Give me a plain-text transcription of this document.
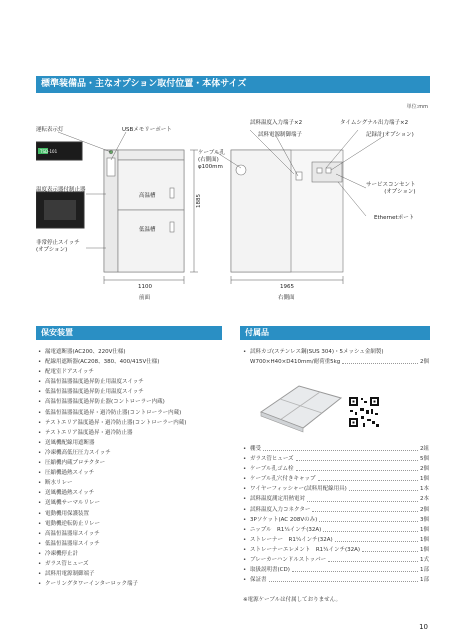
標準装備品・主なオプション取付位置・本体サイズ
単位:mm
運転表示灯	USBメモリーポート
TSD-101
温度表示器付制止器
高温槽
低温槽
非常停止スイッチ
(オプション)
ケーブル孔
(右側面)
φ100mm
1885
1100
前面
試料温度入力端子×2
試料電源制御端子
タイムシグナル出力端子×2
記録計(オプション)
サービスコンセント
(オプション)
Ethernetポート
1965
右側面
保安装置
• 漏電遮断器(AC200、220V仕様)
• 配線用遮断器(AC208、380、400/415V仕様)
• 配電室ドアスイッチ
• 高温恒温器温度過昇防止用温度スイッチ
• 低温恒温器温度過昇防止用温度スイッチ
• 高温恒温器温度過昇防止器(コントローラー内蔵)
• 低温恒温器温度過昇・過冷防止器(コントローラー内蔵)
• テストエリア温度過昇・過冷防止器(コントローラー内蔵)
• テストエリア温度過昇・過冷防止器
• 送風機配線用遮断器
• 冷凍機高低圧圧力スイッチ
• 圧縮機内蔵プロテクター
• 圧縮機過熱スイッチ
• 断水リレー
• 送風機過熱スイッチ
• 送風機サーマルリレー
• 電動機用保護装置
• 電動機逆転防止リレー
• 高温恒温器扉スイッチ
• 低温恒温器扉スイッチ
• 冷凍機停止計
• ガラス管ヒューズ
• 試料用電源制御端子
• クーリングタワーインターロック端子
付属品
• 試料カゴ(ステンレス鋼(SUS 304)・5メッシュ金網製)
W700×H40×D410mm/耐荷重5kg	2個
• 棚受	2組
• ガラス管ヒューズ	5個
• ケーブル孔ゴム栓	2個
• ケーブル孔穴付きキャップ	1個
• ワイヤーフィッシャー(試料用配線用具)	1本
• 試料温度測定用熱電対	2本
• 試料温度入力コネクター	2個
• 3Pソケット(AC 208Vのみ)	3個
• ニップル　R1¼インチ(32A)	1個
• ストレーナー　R1¼インチ(32A)	1個
• ストレーナーエレメント　R1¼インチ(32A)	1個
• ブレーカーハンドルストッパー	1式
• 取扱説明書(CD)	1部
• 保証書	1部
※電源ケーブルは付属しておりません。
10
